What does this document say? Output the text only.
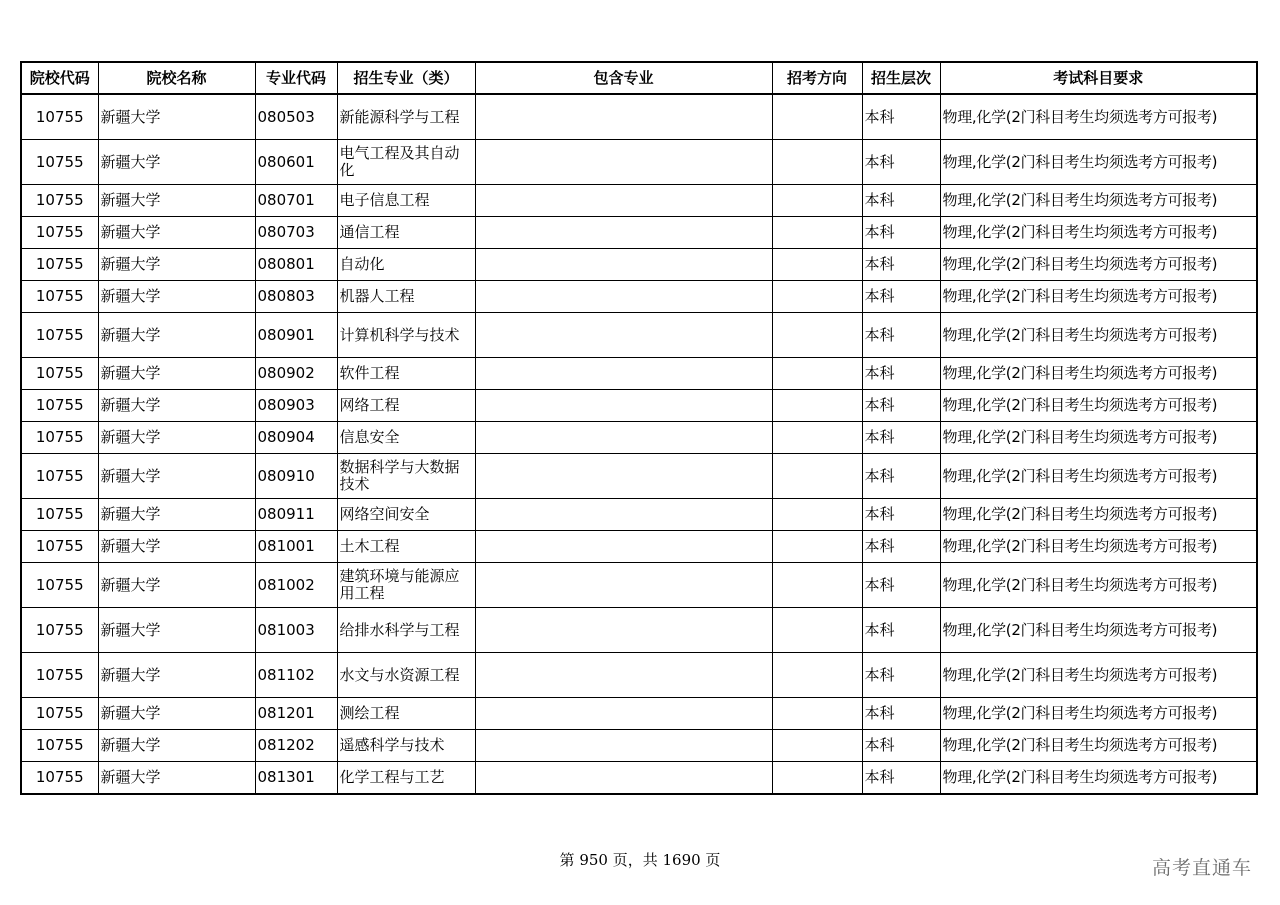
院校代码	院校名称	专业代码	招生专业（类）	包含专业	招考方向	招生层次	考试科目要求
10755	新疆大学	080503	新能源科学与工程			本科	物理,化学(2门科目考生均须选考方可报考)
10755	新疆大学	080601	电气工程及其自动化			本科	物理,化学(2门科目考生均须选考方可报考)
10755	新疆大学	080701	电子信息工程			本科	物理,化学(2门科目考生均须选考方可报考)
10755	新疆大学	080703	通信工程			本科	物理,化学(2门科目考生均须选考方可报考)
10755	新疆大学	080801	自动化			本科	物理,化学(2门科目考生均须选考方可报考)
10755	新疆大学	080803	机器人工程			本科	物理,化学(2门科目考生均须选考方可报考)
10755	新疆大学	080901	计算机科学与技术			本科	物理,化学(2门科目考生均须选考方可报考)
10755	新疆大学	080902	软件工程			本科	物理,化学(2门科目考生均须选考方可报考)
10755	新疆大学	080903	网络工程			本科	物理,化学(2门科目考生均须选考方可报考)
10755	新疆大学	080904	信息安全			本科	物理,化学(2门科目考生均须选考方可报考)
10755	新疆大学	080910	数据科学与大数据技术			本科	物理,化学(2门科目考生均须选考方可报考)
10755	新疆大学	080911	网络空间安全			本科	物理,化学(2门科目考生均须选考方可报考)
10755	新疆大学	081001	土木工程			本科	物理,化学(2门科目考生均须选考方可报考)
10755	新疆大学	081002	建筑环境与能源应用工程			本科	物理,化学(2门科目考生均须选考方可报考)
10755	新疆大学	081003	给排水科学与工程			本科	物理,化学(2门科目考生均须选考方可报考)
10755	新疆大学	081102	水文与水资源工程			本科	物理,化学(2门科目考生均须选考方可报考)
10755	新疆大学	081201	测绘工程			本科	物理,化学(2门科目考生均须选考方可报考)
10755	新疆大学	081202	遥感科学与技术			本科	物理,化学(2门科目考生均须选考方可报考)
10755	新疆大学	081301	化学工程与工艺			本科	物理,化学(2门科目考生均须选考方可报考)
第 950 页，共 1690 页	高考直通车
